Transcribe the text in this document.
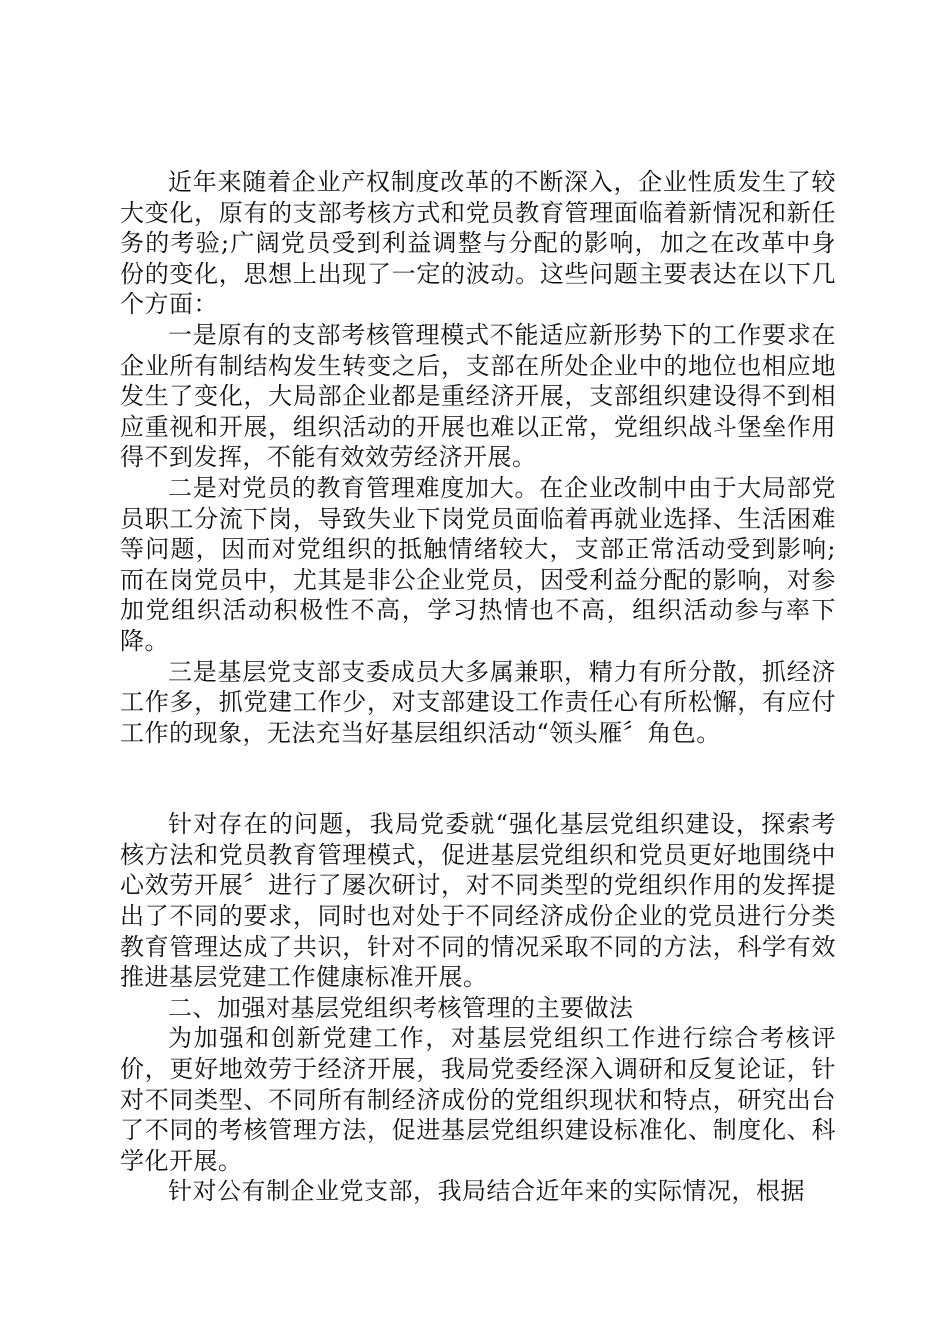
近年来随着企业产权制度改革的不断深入，企业性质发生了较大变化，原有的支部考核方式和党员教育管理面临着新情况和新任务的考验;广阔党员受到利益调整与分配的影响，加之在改革中身份的变化，思想上出现了一定的波动。这些问题主要表达在以下几个方面：

一是原有的支部考核管理模式不能适应新形势下的工作要求在企业所有制结构发生转变之后，支部在所处企业中的地位也相应地发生了变化，大局部企业都是重经济开展，支部组织建设得不到相应重视和开展，组织活动的开展也难以正常，党组织战斗堡垒作用得不到发挥，不能有效效劳经济开展。

二是对党员的教育管理难度加大。在企业改制中由于大局部党员职工分流下岗，导致失业下岗党员面临着再就业选择、生活困难等问题，因而对党组织的抵触情绪较大，支部正常活动受到影响;而在岗党员中，尤其是非公企业党员，因受利益分配的影响，对参加党组织活动积极性不高，学习热情也不高，组织活动参与率下降。

三是基层党支部支委成员大多属兼职，精力有所分散，抓经济工作多，抓党建工作少，对支部建设工作责任心有所松懈，有应付工作的现象，无法充当好基层组织活动“领头雁〞角色。

针对存在的问题，我局党委就“强化基层党组织建设，探索考核方法和党员教育管理模式，促进基层党组织和党员更好地围绕中心效劳开展〞进行了屡次研讨，对不同类型的党组织作用的发挥提出了不同的要求，同时也对处于不同经济成份企业的党员进行分类教育管理达成了共识，针对不同的情况采取不同的方法，科学有效推进基层党建工作健康标准开展。

二、加强对基层党组织考核管理的主要做法

为加强和创新党建工作，对基层党组织工作进行综合考核评价，更好地效劳于经济开展，我局党委经深入调研和反复论证，针对不同类型、不同所有制经济成份的党组织现状和特点，研究出台了不同的考核管理方法，促进基层党组织建设标准化、制度化、科学化开展。

针对公有制企业党支部，我局结合近年来的实际情况，根据
